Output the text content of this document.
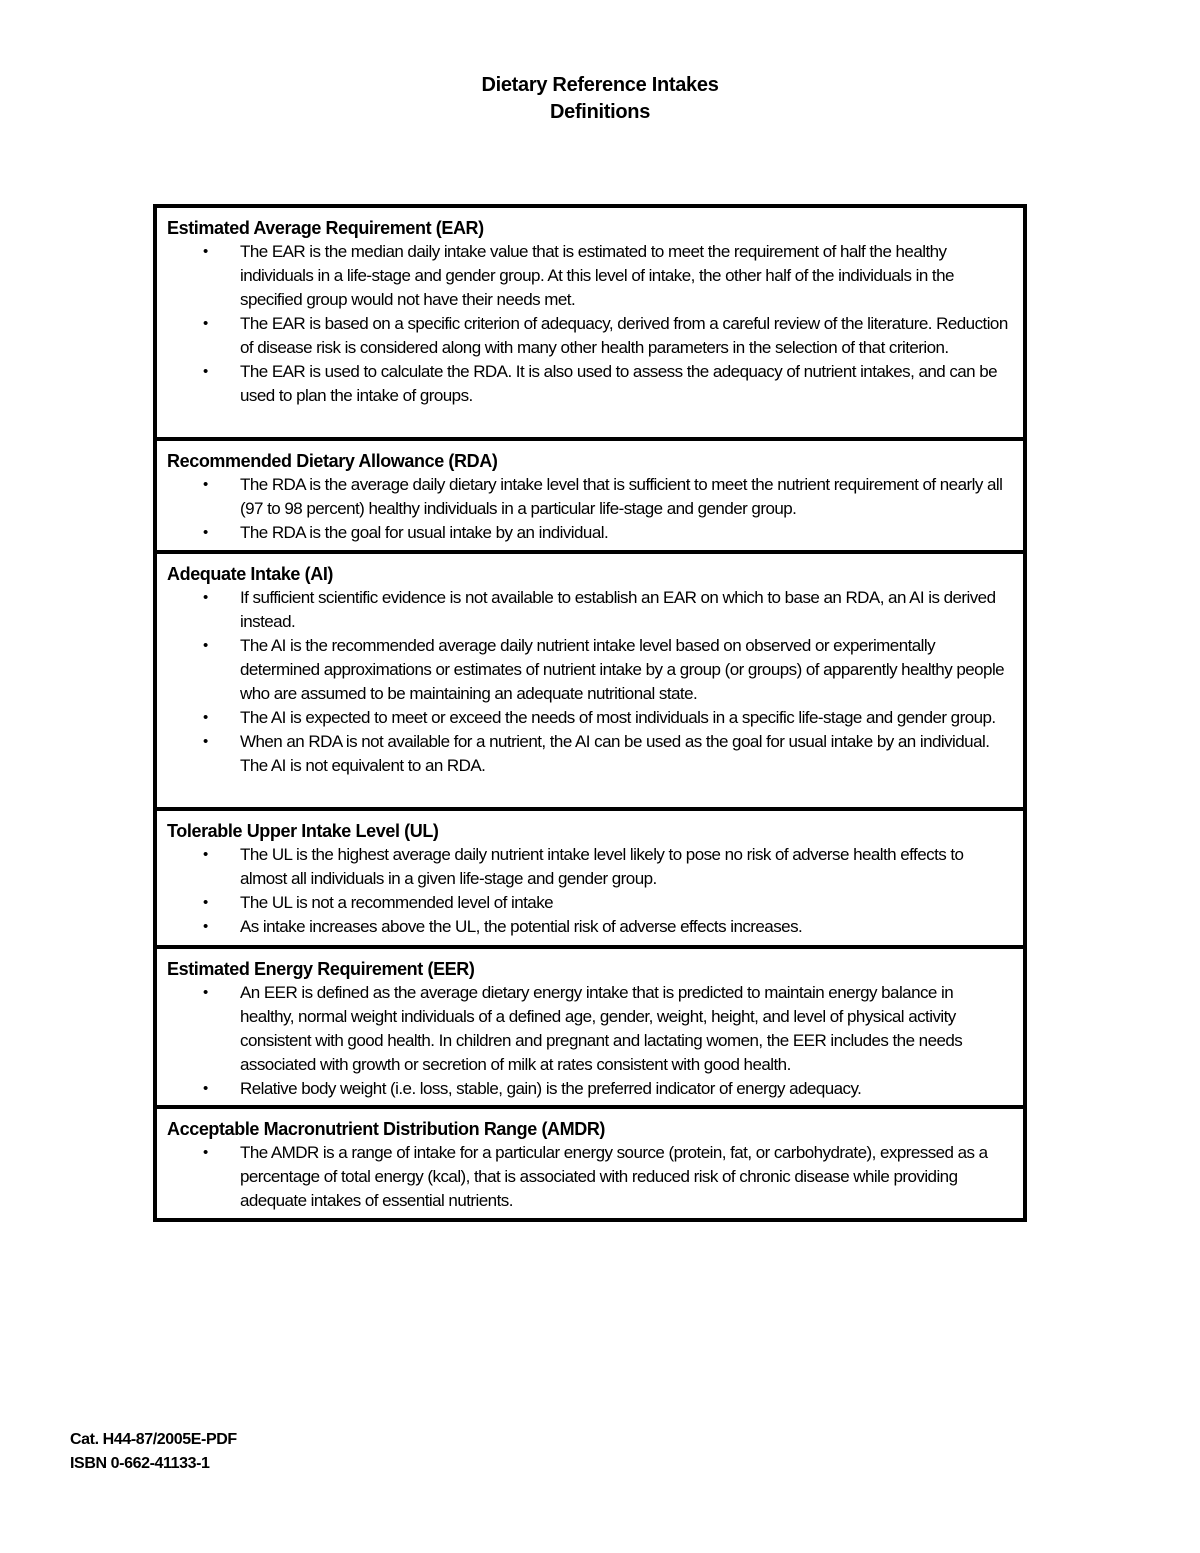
Dietary Reference Intakes
Definitions
Estimated Average Requirement (EAR)
•	The EAR is the median daily intake value that is estimated to meet the requirement of half the healthy individuals in a life-stage and gender group. At this level of intake, the other half of the individuals in the specified group would not have their needs met.
•	The EAR is based on a specific criterion of adequacy, derived from a careful review of the literature. Reduction of disease risk is considered along with many other health parameters in the selection of that criterion.
•	The EAR is used to calculate the RDA. It is also used to assess the adequacy of nutrient intakes, and can be used to plan the intake of groups.
Recommended Dietary Allowance (RDA)
•	The RDA is the average daily dietary intake level that is sufficient to meet the nutrient requirement of nearly all (97 to 98 percent) healthy individuals in a particular life-stage and gender group.
•	The RDA is the goal for usual intake by an individual.
Adequate Intake (AI)
•	If sufficient scientific evidence is not available to establish an EAR on which to base an RDA, an AI is derived instead.
•	The AI is the recommended average daily nutrient intake level based on observed or experimentally determined approximations or estimates of nutrient intake by a group (or groups) of apparently healthy people who are assumed to be maintaining an adequate nutritional state.
•	The AI is expected to meet or exceed the needs of most individuals in a specific life-stage and gender group.
•	When an RDA is not available for a nutrient, the AI can be used as the goal for usual intake by an individual. The AI is not equivalent to an RDA.
Tolerable Upper Intake Level (UL)
•	The UL is the highest average daily nutrient intake level likely to pose no risk of adverse health effects to almost all individuals in a given life-stage and gender group.
•	The UL is not a recommended level of intake
•	As intake increases above the UL, the potential risk of adverse effects increases.
Estimated Energy Requirement (EER)
•	An EER is defined as the average dietary energy intake that is predicted to maintain energy balance in healthy, normal weight individuals of a defined age, gender, weight, height, and level of physical activity consistent with good health. In children and pregnant and lactating women, the EER includes the needs associated with growth or secretion of milk at rates consistent with good health.
•	Relative body weight (i.e. loss, stable, gain) is the preferred indicator of energy adequacy.
Acceptable Macronutrient Distribution Range (AMDR)
•	The AMDR is a range of intake for a particular energy source (protein, fat, or carbohydrate), expressed as a percentage of total energy (kcal), that is associated with reduced risk of chronic disease while providing adequate intakes of essential nutrients.
Cat. H44-87/2005E-PDF
ISBN 0-662-41133-1
